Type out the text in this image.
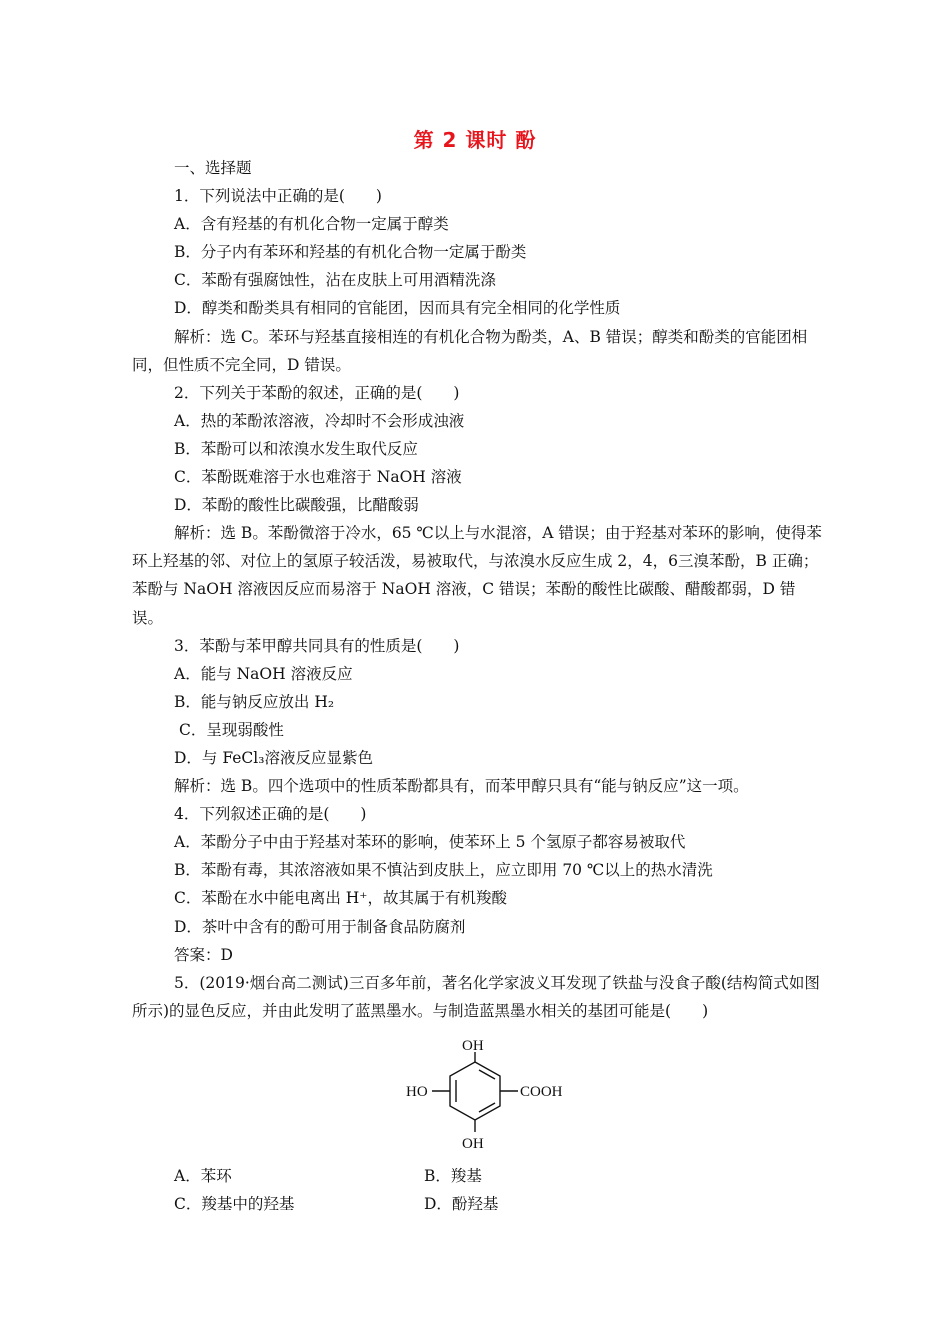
第 2 课时 酚

一、选择题

1．下列说法中正确的是(　　)

A．含有羟基的有机化合物一定属于醇类

B．分子内有苯环和羟基的有机化合物一定属于酚类

C．苯酚有强腐蚀性，沾在皮肤上可用酒精洗涤

D．醇类和酚类具有相同的官能团，因而具有完全相同的化学性质

解析：选 C。苯环与羟基直接相连的有机化合物为酚类，A、B 错误；醇类和酚类的官能团相同，但性质不完全同，D 错误。

2．下列关于苯酚的叙述，正确的是(　　)

A．热的苯酚浓溶液，冷却时不会形成浊液

B．苯酚可以和浓溴水发生取代反应

C．苯酚既难溶于水也难溶于 NaOH 溶液

D．苯酚的酸性比碳酸强，比醋酸弱

解析：选 B。苯酚微溶于冷水，65 ℃以上与水混溶，A 错误；由于羟基对苯环的影响，使得苯环上羟基的邻、对位上的氢原子较活泼，易被取代，与浓溴水反应生成 2，4，6三溴苯酚，B 正确；苯酚与 NaOH 溶液因反应而易溶于 NaOH 溶液，C 错误；苯酚的酸性比碳酸、醋酸都弱，D 错误。

3．苯酚与苯甲醇共同具有的性质是(　　)

A．能与 NaOH 溶液反应

B．能与钠反应放出 H₂

C．呈现弱酸性

D．与 FeCl₃溶液反应显紫色

解析：选 B。四个选项中的性质苯酚都具有，而苯甲醇只具有“能与钠反应”这一项。

4．下列叙述正确的是(　　)

A．苯酚分子中由于羟基对苯环的影响，使苯环上 5 个氢原子都容易被取代

B．苯酚有毒，其浓溶液如果不慎沾到皮肤上，应立即用 70 ℃以上的热水清洗

C．苯酚在水中能电离出 H⁺，故其属于有机羧酸

D．茶叶中含有的酚可用于制备食品防腐剂

答案：D

5．(2019·烟台高二测试)三百多年前，著名化学家波义耳发现了铁盐与没食子酸(结构简式如图所示)的显色反应，并由此发明了蓝黑墨水。与制造蓝黑墨水相关的基团可能是(　　)

OH
HO	COOH
OH
A．苯环	B．羧基
C．羧基中的羟基	D．酚羟基
